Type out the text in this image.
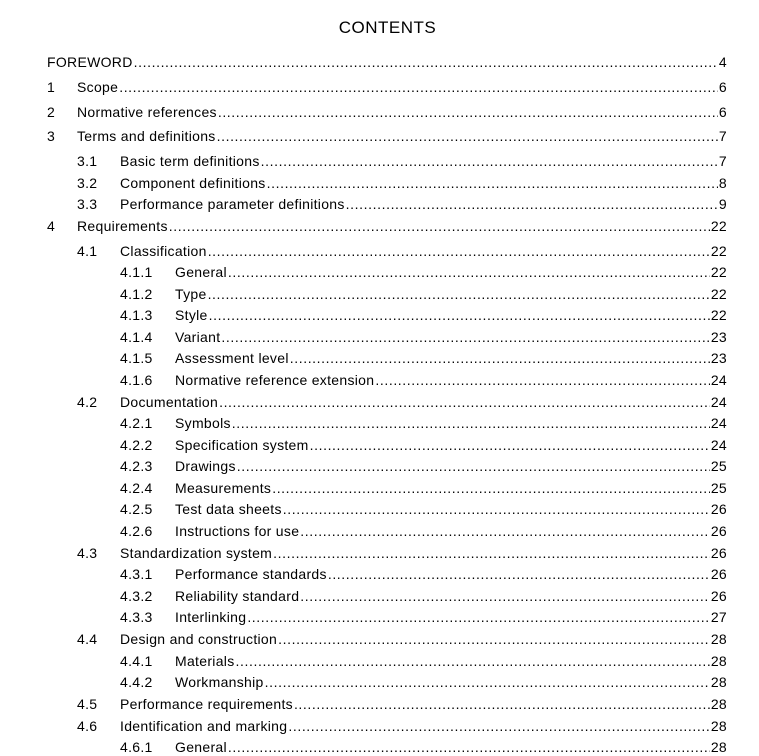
CONTENTS
FOREWORD .....	4
1	Scope .....	6
2	Normative references .....	6
3	Terms and definitions .....	7
3.1	Basic term definitions .....	7
3.2	Component definitions .....	8
3.3	Performance parameter definitions .....	9
4	Requirements .....	22
4.1	Classification .....	22
4.1.1	General .....	22
4.1.2	Type .....	22
4.1.3	Style .....	22
4.1.4	Variant .....	23
4.1.5	Assessment level .....	23
4.1.6	Normative reference extension .....	24
4.2	Documentation .....	24
4.2.1	Symbols .....	24
4.2.2	Specification system .....	24
4.2.3	Drawings .....	25
4.2.4	Measurements .....	25
4.2.5	Test data sheets .....	26
4.2.6	Instructions for use .....	26
4.3	Standardization system .....	26
4.3.1	Performance standards .....	26
4.3.2	Reliability standard .....	26
4.3.3	Interlinking .....	27
4.4	Design and construction .....	28
4.4.1	Materials .....	28
4.4.2	Workmanship .....	28
4.5	Performance requirements .....	28
4.6	Identification and marking .....	28
4.6.1	General .....	28
